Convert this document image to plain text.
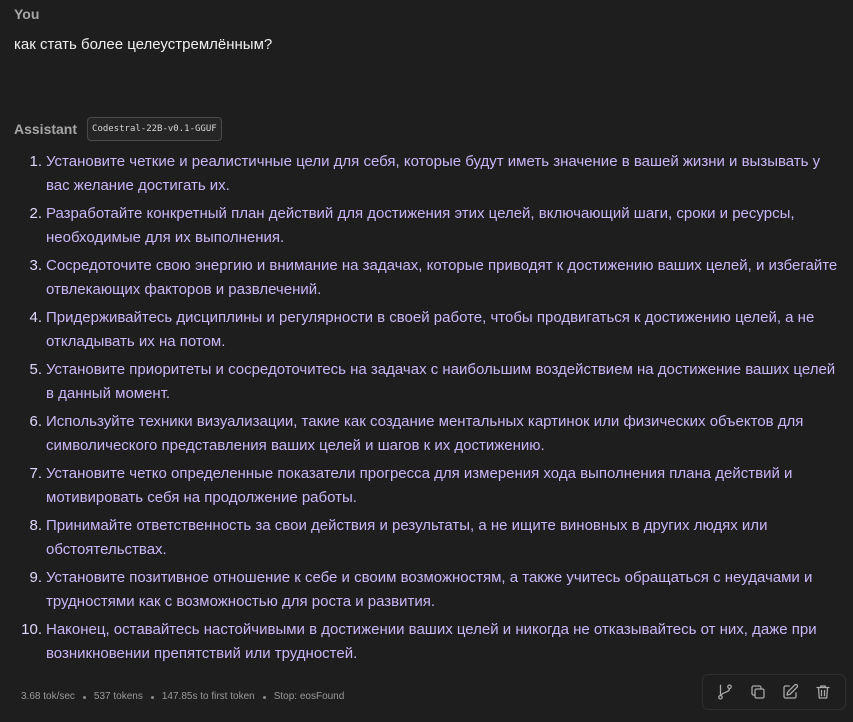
You
как стать более целеустремлённым?
Assistant	Codestral-22B-v0.1-GGUF
1. Установите четкие и реалистичные цели для себя, которые будут иметь значение в вашей жизни и вызывать у вас желание достигать их.
2. Разработайте конкретный план действий для достижения этих целей, включающий шаги, сроки и ресурсы, необходимые для их выполнения.
3. Сосредоточите свою энергию и внимание на задачах, которые приводят к достижению ваших целей, и избегайте отвлекающих факторов и развлечений.
4. Придерживайтесь дисциплины и регулярности в своей работе, чтобы продвигаться к достижению целей, а не откладывать их на потом.
5. Установите приоритеты и сосредоточитесь на задачах с наибольшим воздействием на достижение ваших целей в данный момент.
6. Используйте техники визуализации, такие как создание ментальных картинок или физических объектов для символического представления ваших целей и шагов к их достижению.
7. Установите четко определенные показатели прогресса для измерения хода выполнения плана действий и мотивировать себя на продолжение работы.
8. Принимайте ответственность за свои действия и результаты, а не ищите виновных в других людях или обстоятельствах.
9. Установите позитивное отношение к себе и своим возможностям, а также учитесь обращаться с неудачами и трудностями как с возможностью для роста и развития.
10. Наконец, оставайтесь настойчивыми в достижении ваших целей и никогда не отказывайтесь от них, даже при возникновении препятствий или трудностей.
3.68 tok/sec 537 tokens 147.85s to first token Stop: eosFound
